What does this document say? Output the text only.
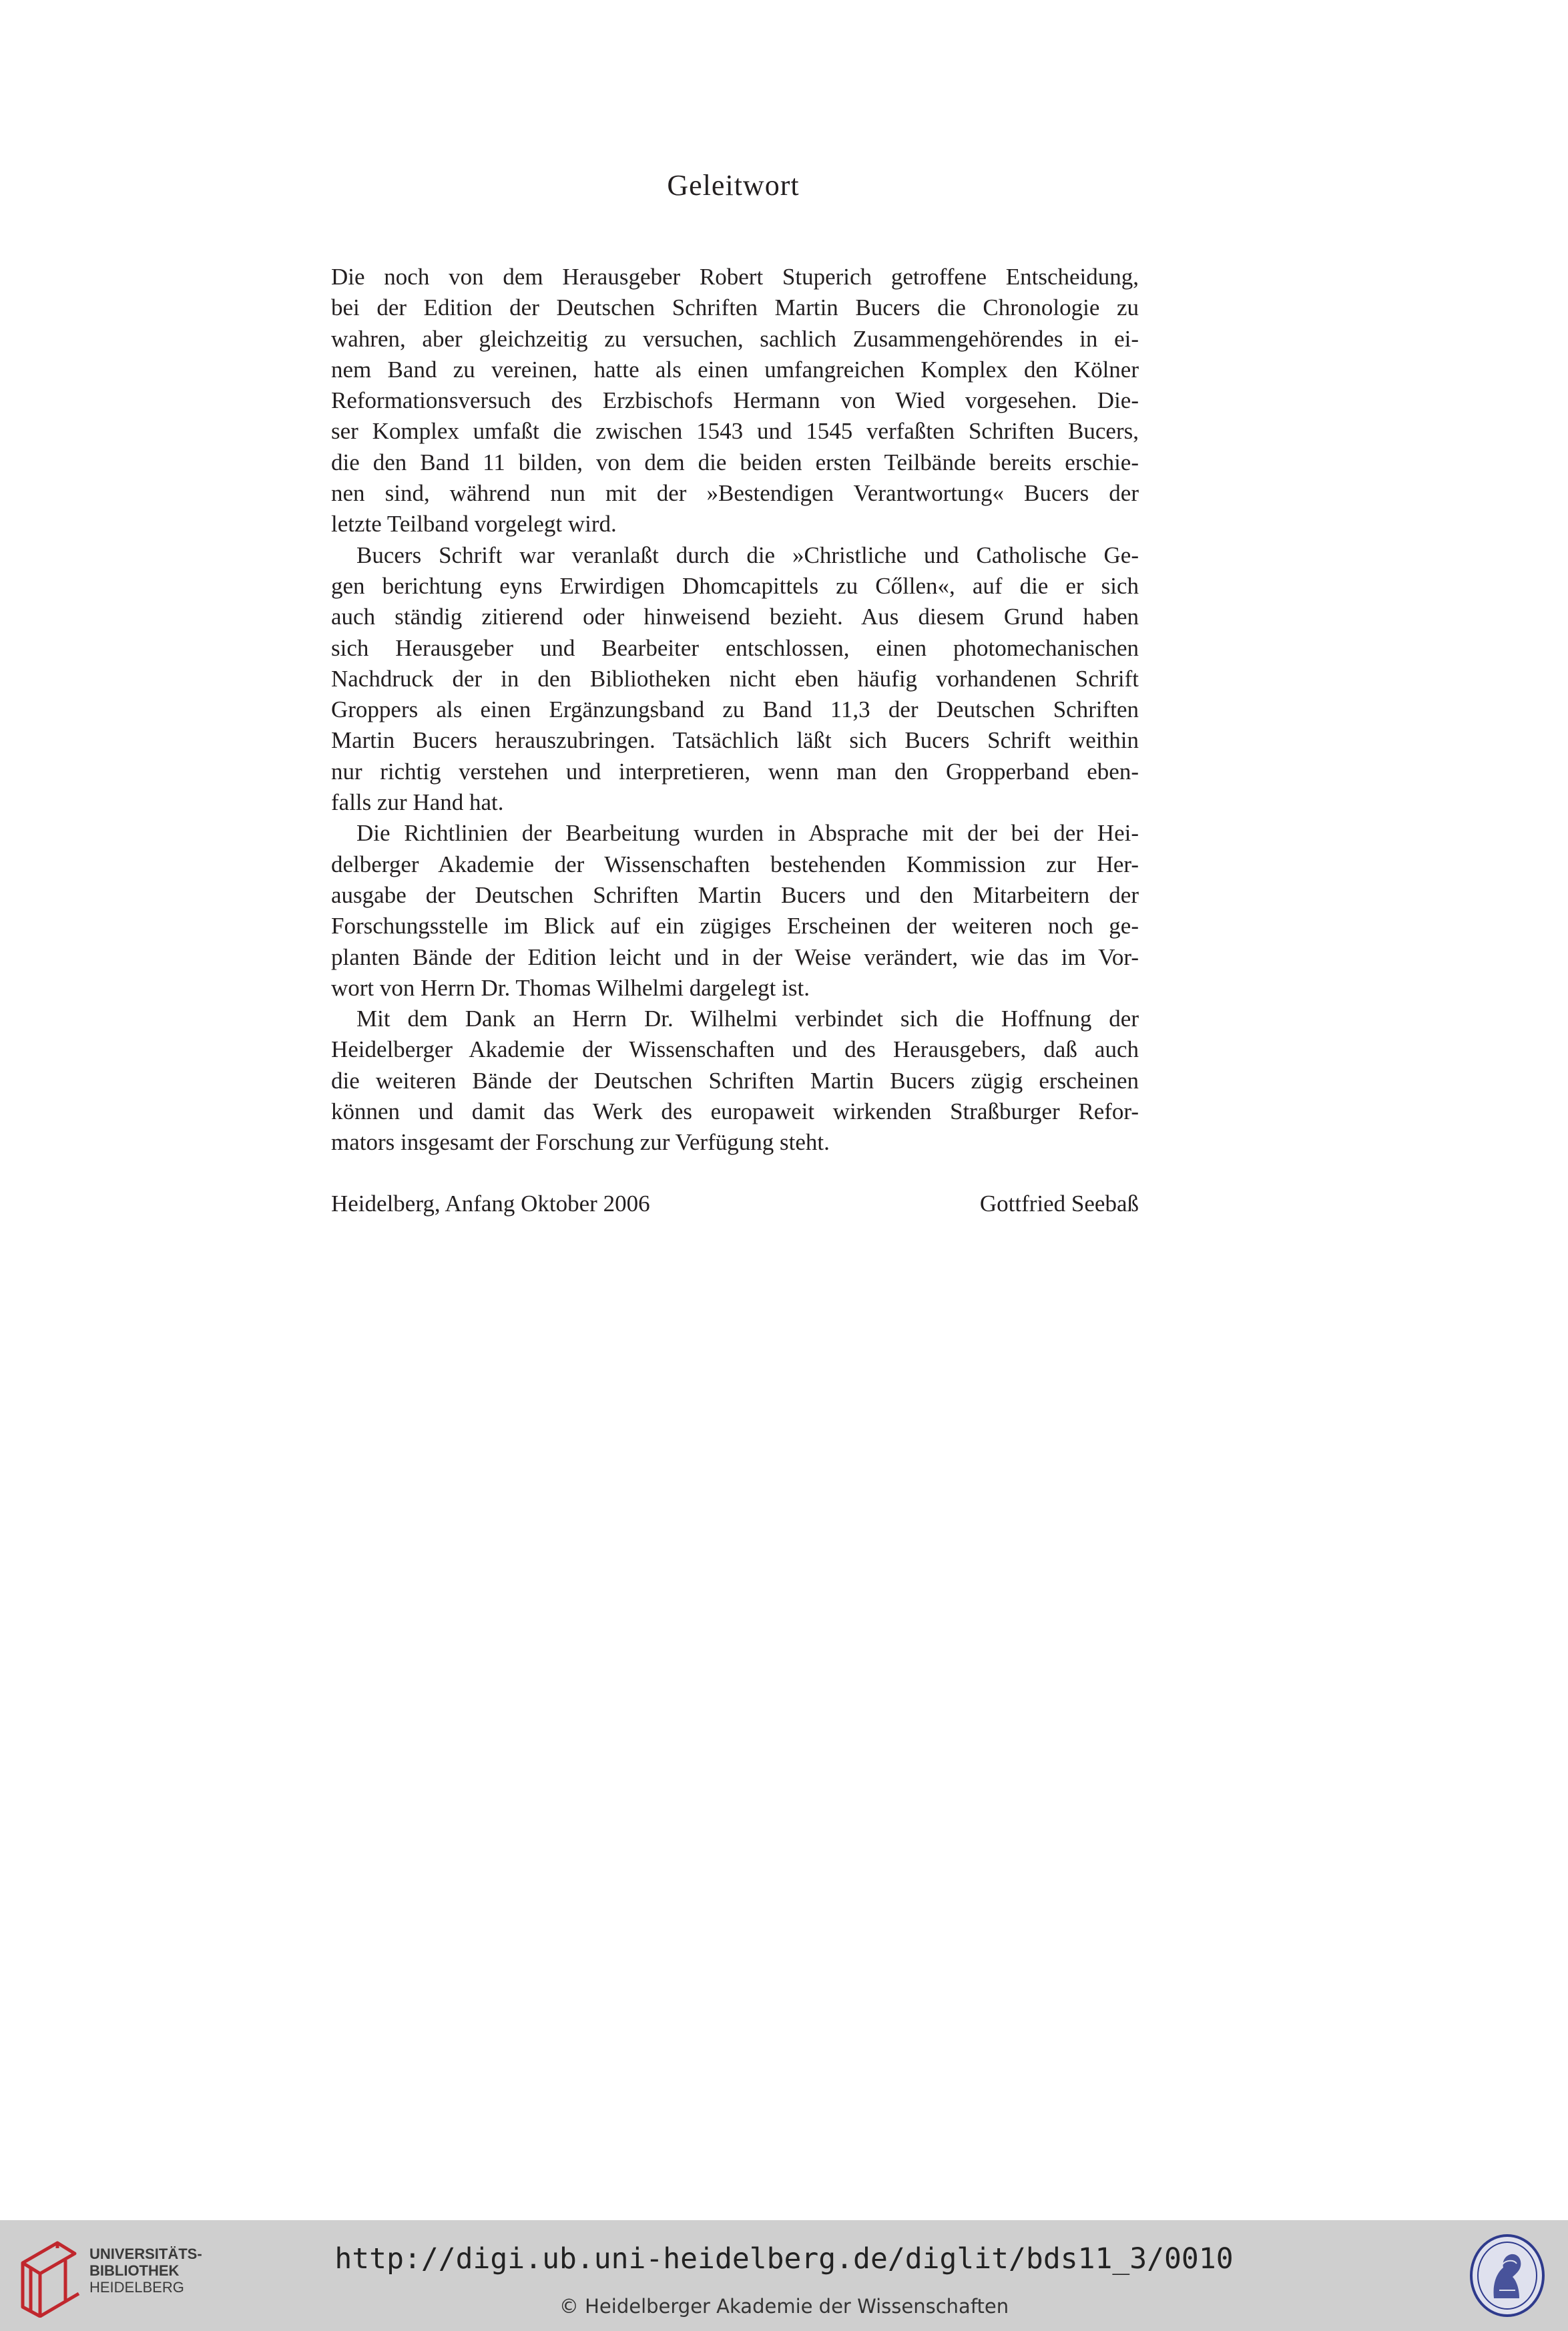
Geleitwort
Die noch von dem Herausgeber Robert Stuperich getroffene Entscheidung,
bei der Edition der Deutschen Schriften Martin Bucers die Chronologie zu
wahren, aber gleichzeitig zu versuchen, sachlich Zusammengehörendes in ei-
nem Band zu vereinen, hatte als einen umfangreichen Komplex den Kölner
Reformationsversuch des Erzbischofs Hermann von Wied vorgesehen. Die-
ser Komplex umfaßt die zwischen 1543 und 1545 verfaßten Schriften Bucers,
die den Band 11 bilden, von dem die beiden ersten Teilbände bereits erschie-
nen sind, während nun mit der »Bestendigen Verantwortung« Bucers der
letzte Teilband vorgelegt wird.
Bucers Schrift war veranlaßt durch die »Christliche und Catholische Ge-
gen berichtung eyns Erwirdigen Dhomcapittels zu Cőllen«, auf die er sich
auch ständig zitierend oder hinweisend bezieht. Aus diesem Grund haben
sich Herausgeber und Bearbeiter entschlossen, einen photomechanischen
Nachdruck der in den Bibliotheken nicht eben häufig vorhandenen Schrift
Groppers als einen Ergänzungsband zu Band 11,3 der Deutschen Schriften
Martin Bucers herauszubringen. Tatsächlich läßt sich Bucers Schrift weithin
nur richtig verstehen und interpretieren, wenn man den Gropperband eben-
falls zur Hand hat.
Die Richtlinien der Bearbeitung wurden in Absprache mit der bei der Hei-
delberger Akademie der Wissenschaften bestehenden Kommission zur Her-
ausgabe der Deutschen Schriften Martin Bucers und den Mitarbeitern der
Forschungsstelle im Blick auf ein zügiges Erscheinen der weiteren noch ge-
planten Bände der Edition leicht und in der Weise verändert, wie das im Vor-
wort von Herrn Dr. Thomas Wilhelmi dargelegt ist.
Mit dem Dank an Herrn Dr. Wilhelmi verbindet sich die Hoffnung der
Heidelberger Akademie der Wissenschaften und des Herausgebers, daß auch
die weiteren Bände der Deutschen Schriften Martin Bucers zügig erscheinen
können und damit das Werk des europaweit wirkenden Straßburger Refor-
mators insgesamt der Forschung zur Verfügung steht.
Heidelberg, Anfang Oktober 2006	Gottfried Seebaß
UNIVERSITÄTS-
BIBLIOTHEK
HEIDELBERG
http://digi.ub.uni-heidelberg.de/diglit/bds11_3/0010
© Heidelberger Akademie der Wissenschaften
